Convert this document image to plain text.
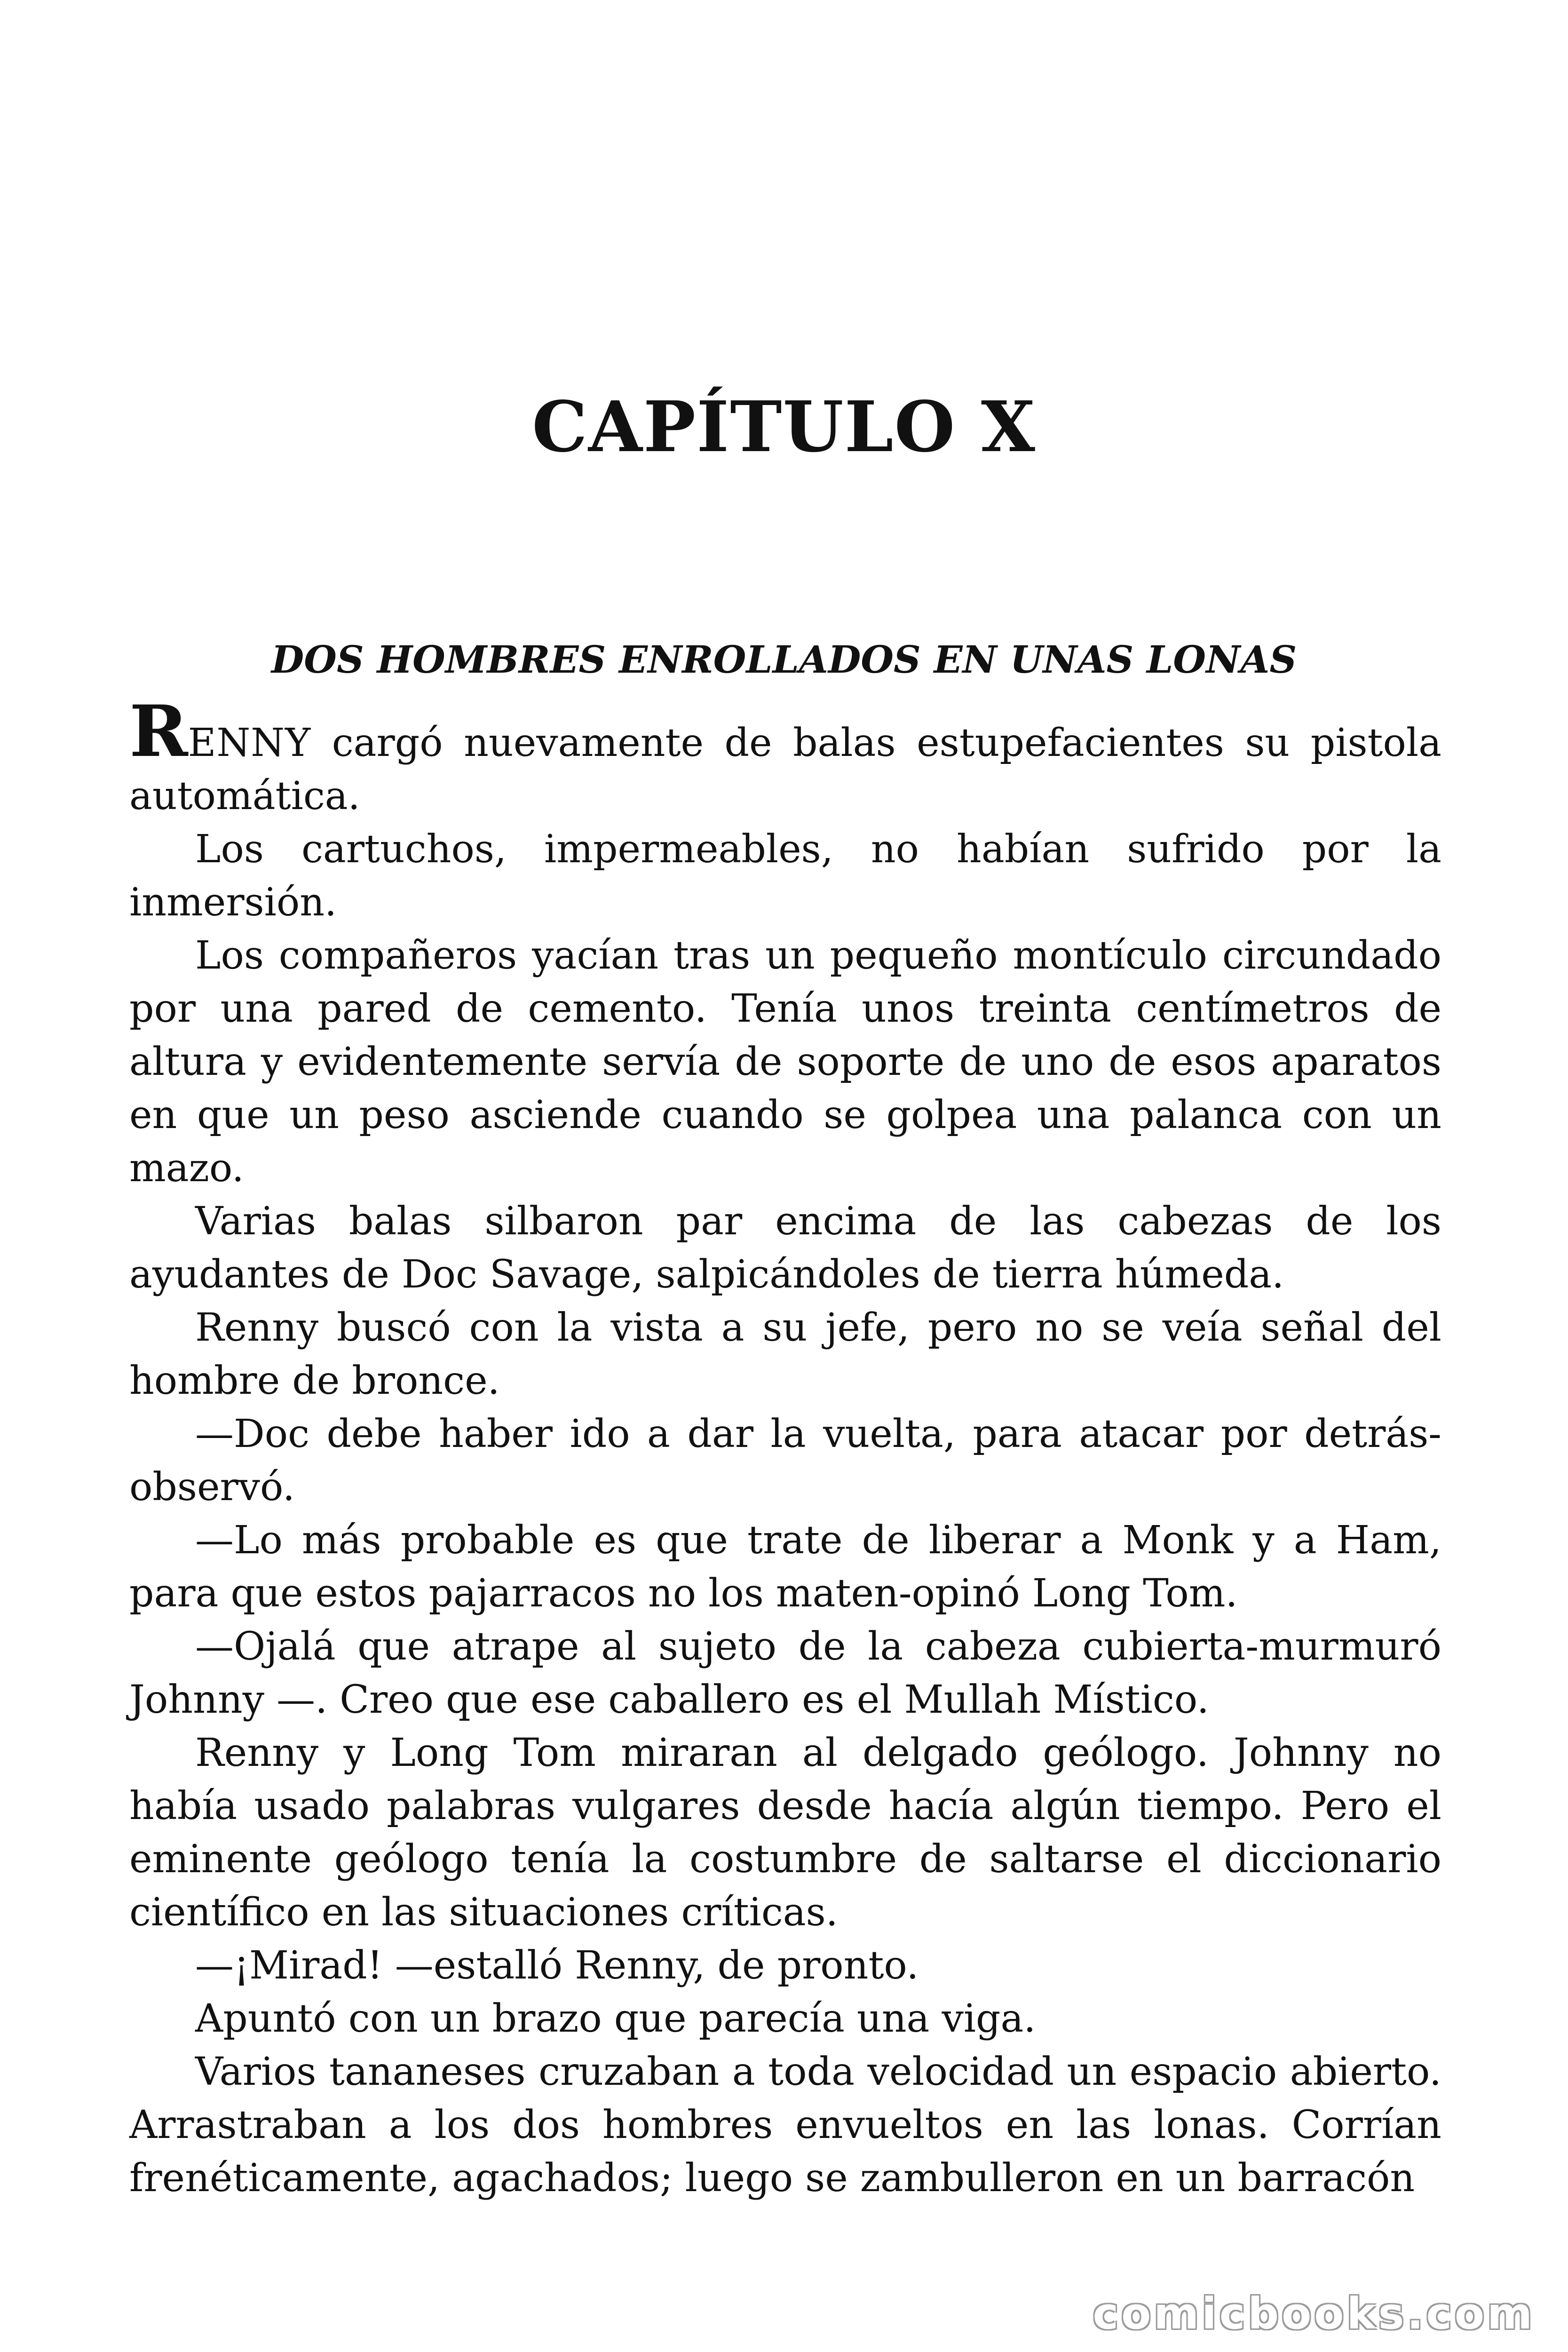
CAPÍTULO X
DOS HOMBRES ENROLLADOS EN UNAS LONAS

RENNY cargó nuevamente de balas estupefacientes su pistola automática.

Los cartuchos, impermeables, no habían sufrido por la inmersión.

Los compañeros yacían tras un pequeño montículo circundado por una pared de cemento. Tenía unos treinta centímetros de altura y evidentemente servía de soporte de uno de esos aparatos en que un peso asciende cuando se golpea una palanca con un mazo.

Varias balas silbaron par encima de las cabezas de los ayudantes de Doc Savage, salpicándoles de tierra húmeda.

Renny buscó con la vista a su jefe, pero no se veía señal del hombre de bronce.

—Doc debe haber ido a dar la vuelta, para atacar por detrás-observó.

—Lo más probable es que trate de liberar a Monk y a Ham, para que estos pajarracos no los maten-opinó Long Tom.

—Ojalá que atrape al sujeto de la cabeza cubierta-murmuró Johnny —. Creo que ese caballero es el Mullah Místico.

Renny y Long Tom miraran al delgado geólogo. Johnny no había usado palabras vulgares desde hacía algún tiempo. Pero el eminente geólogo tenía la costumbre de saltarse el diccionario científico en las situaciones críticas.

—¡Mirad! —estalló Renny, de pronto.

Apuntó con un brazo que parecía una viga.

Varios tananeses cruzaban a toda velocidad un espacio abierto. Arrastraban a los dos hombres envueltos en las lonas. Corrían frenéticamente, agachados; luego se zambulleron en un barracón

comicbooks.com
